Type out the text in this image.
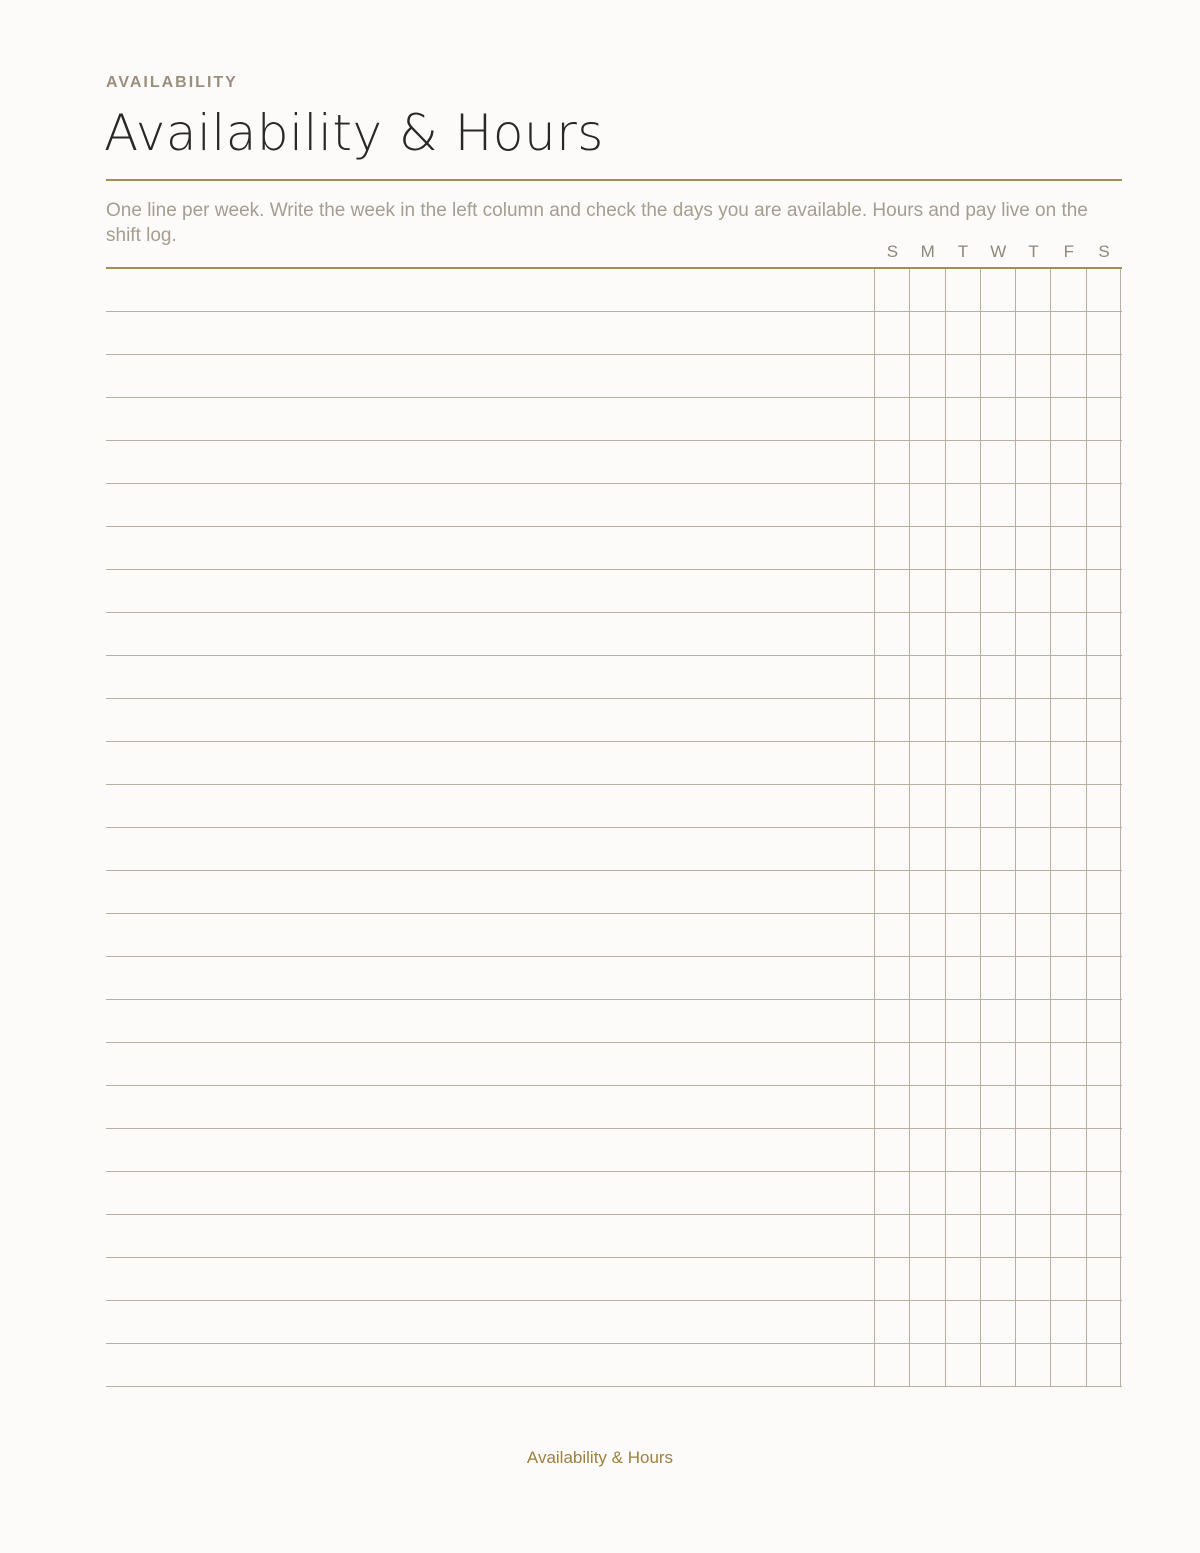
AVAILABILITY
Availability & Hours
One line per week. Write the week in the left column and check the days you are available. Hours and pay live on the shift log.
S	M	T	W	T	F	S
Availability & Hours
